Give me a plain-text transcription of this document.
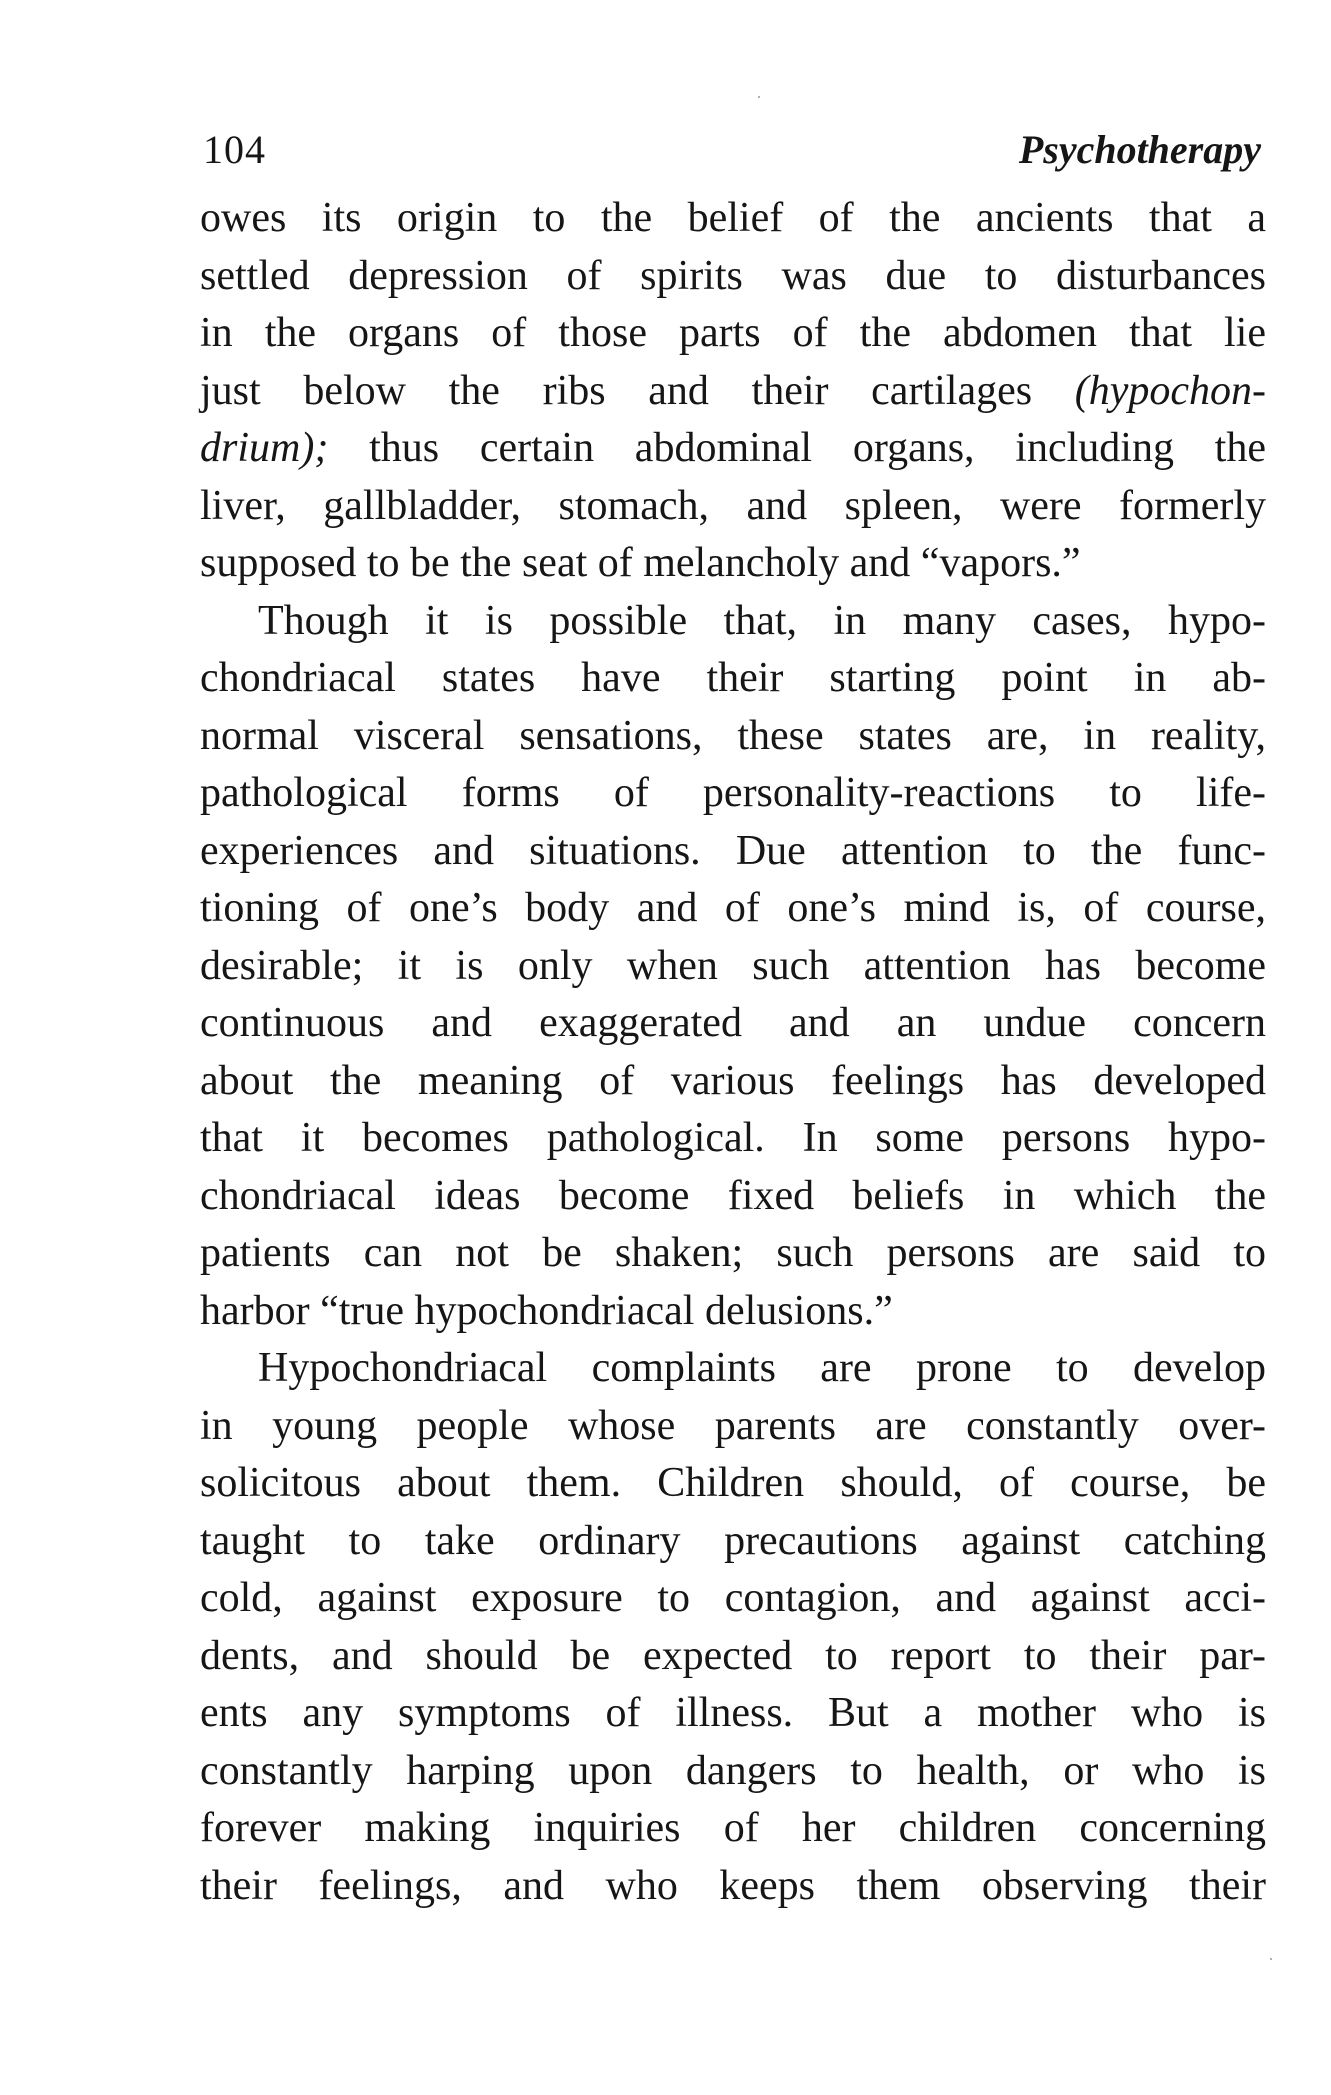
104	Psychotherapy
owes its origin to the belief of the ancients that a
settled depression of spirits was due to disturbances
in the organs of those parts of the abdomen that lie
just below the ribs and their cartilages (hypochon-
drium); thus certain abdominal organs, including the
liver, gallbladder, stomach, and spleen, were formerly
supposed to be the seat of melancholy and “vapors.”
Though it is possible that, in many cases, hypo-
chondriacal states have their starting point in ab-
normal visceral sensations, these states are, in reality,
pathological forms of personality-reactions to life-
experiences and situations. Due attention to the func-
tioning of one’s body and of one’s mind is, of course,
desirable; it is only when such attention has become
continuous and exaggerated and an undue concern
about the meaning of various feelings has developed
that it becomes pathological. In some persons hypo-
chondriacal ideas become fixed beliefs in which the
patients can not be shaken; such persons are said to
harbor “true hypochondriacal delusions.”
Hypochondriacal complaints are prone to develop
in young people whose parents are constantly over-
solicitous about them. Children should, of course, be
taught to take ordinary precautions against catching
cold, against exposure to contagion, and against acci-
dents, and should be expected to report to their par-
ents any symptoms of illness. But a mother who is
constantly harping upon dangers to health, or who is
forever making inquiries of her children concerning
their feelings, and who keeps them observing their
